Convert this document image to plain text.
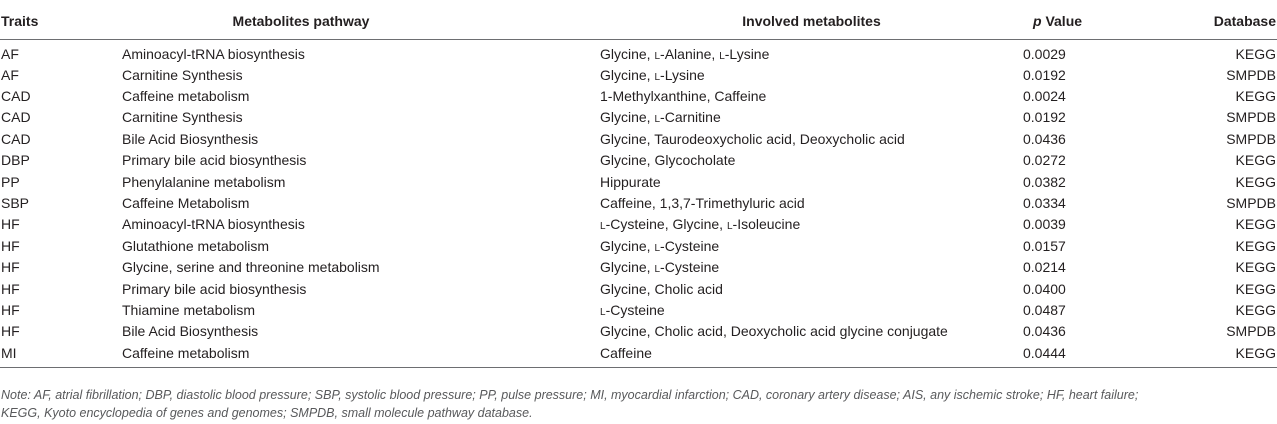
Traits	Metabolites pathway	Involved metabolites	p Value	Database
AF	Aminoacyl-tRNA biosynthesis	Glycine, l-Alanine, l-Lysine	0.0029	KEGG
AF	Carnitine Synthesis	Glycine, l-Lysine	0.0192	SMPDB
CAD	Caffeine metabolism	1-Methylxanthine, Caffeine	0.0024	KEGG
CAD	Carnitine Synthesis	Glycine, l-Carnitine	0.0192	SMPDB
CAD	Bile Acid Biosynthesis	Glycine, Taurodeoxycholic acid, Deoxycholic acid	0.0436	SMPDB
DBP	Primary bile acid biosynthesis	Glycine, Glycocholate	0.0272	KEGG
PP	Phenylalanine metabolism	Hippurate	0.0382	KEGG
SBP	Caffeine Metabolism	Caffeine, 1,3,7-Trimethyluric acid	0.0334	SMPDB
HF	Aminoacyl-tRNA biosynthesis	l-Cysteine, Glycine, l-Isoleucine	0.0039	KEGG
HF	Glutathione metabolism	Glycine, l-Cysteine	0.0157	KEGG
HF	Glycine, serine and threonine metabolism	Glycine, l-Cysteine	0.0214	KEGG
HF	Primary bile acid biosynthesis	Glycine, Cholic acid	0.0400	KEGG
HF	Thiamine metabolism	l-Cysteine	0.0487	KEGG
HF	Bile Acid Biosynthesis	Glycine, Cholic acid, Deoxycholic acid glycine conjugate	0.0436	SMPDB
MI	Caffeine metabolism	Caffeine	0.0444	KEGG
Note: AF, atrial fibrillation; DBP, diastolic blood pressure; SBP, systolic blood pressure; PP, pulse pressure; MI, myocardial infarction; CAD, coronary artery disease; AIS, any ischemic stroke; HF, heart failure; KEGG, Kyoto encyclopedia of genes and genomes; SMPDB, small molecule pathway database.
